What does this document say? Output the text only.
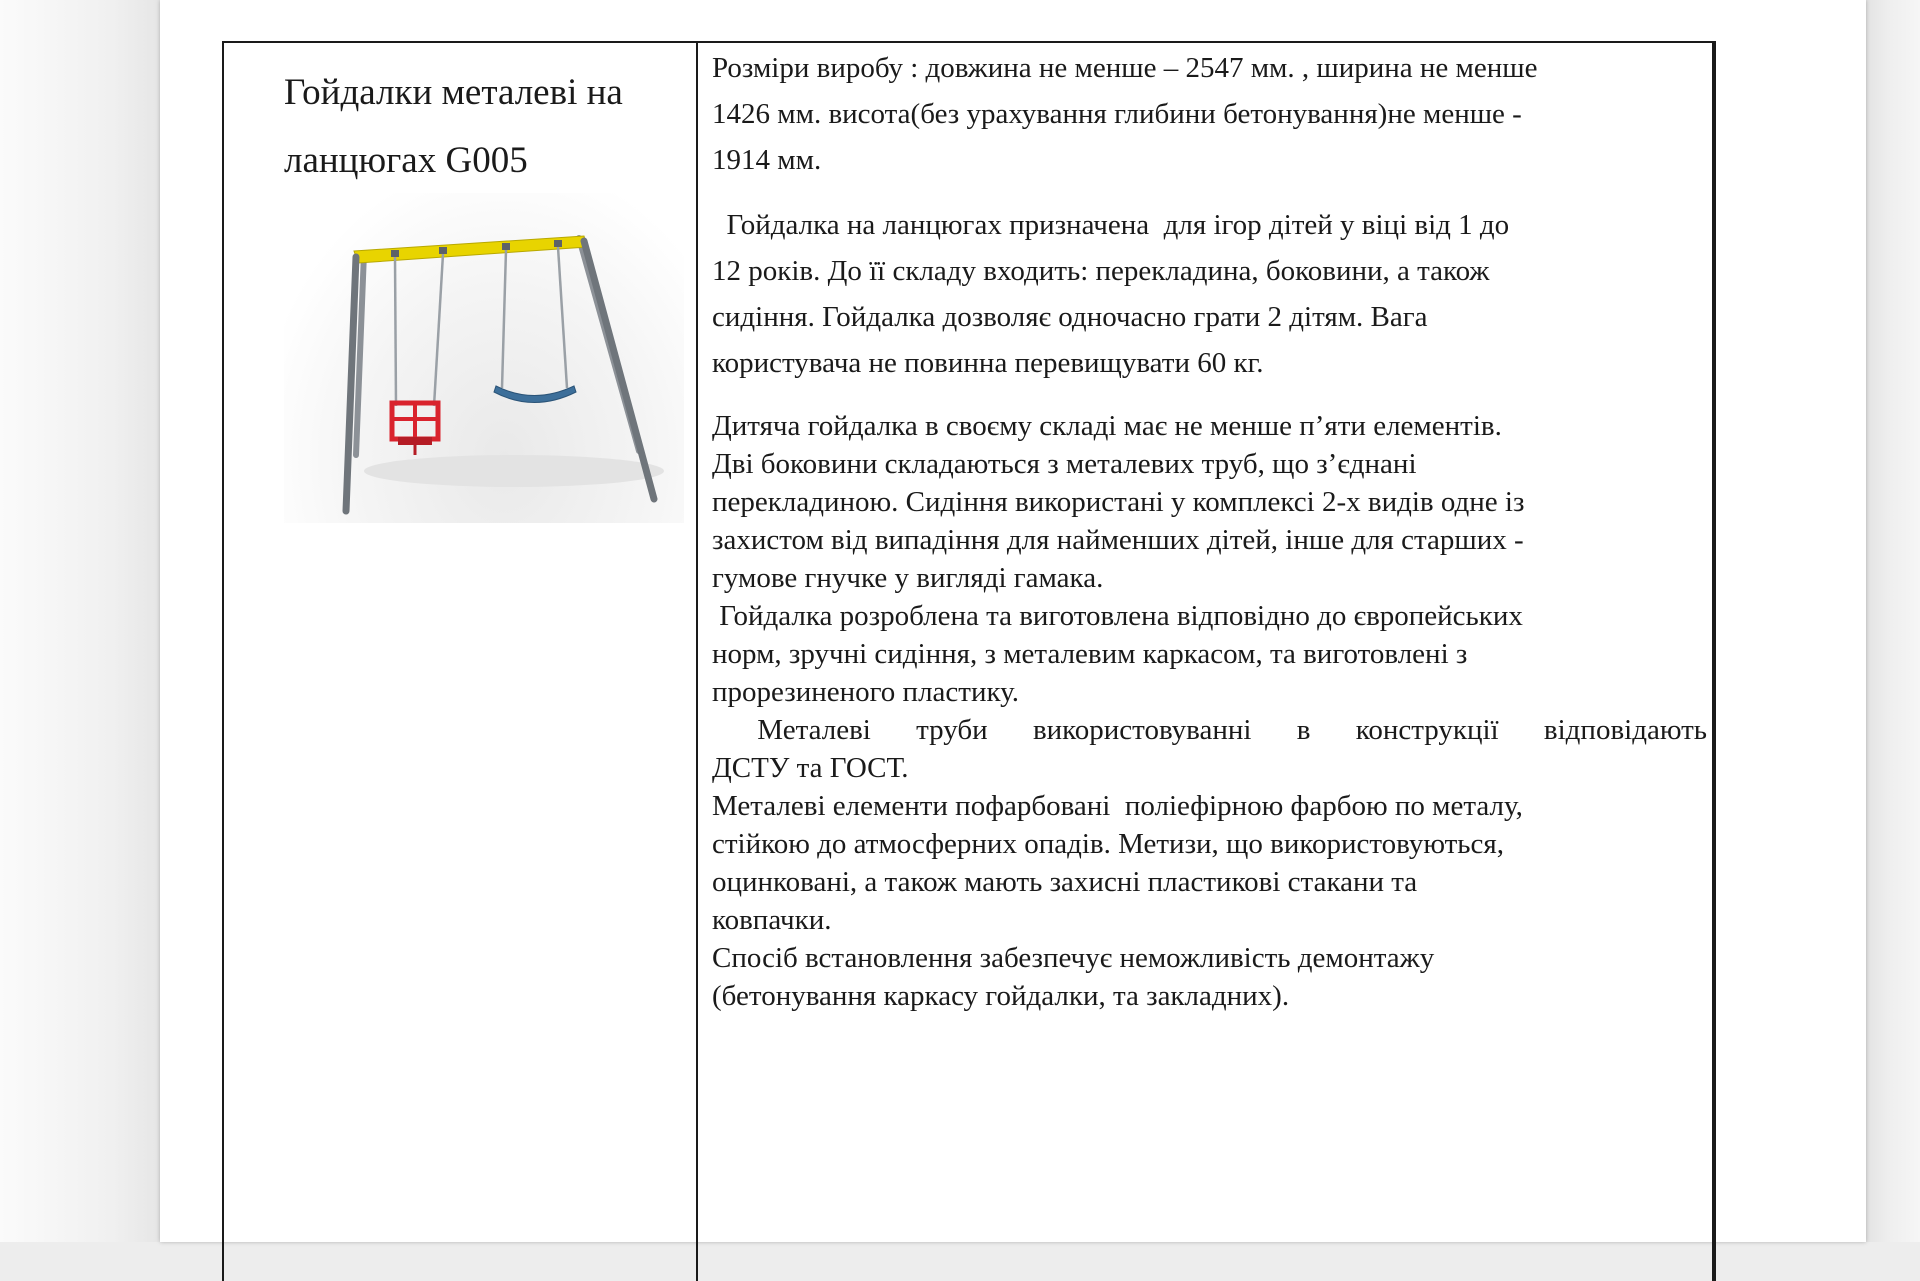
Гойдалки металеві на
ланцюгах G005

Розміри виробу : довжина не менше – 2547 мм. , ширина не менше
1426 мм. висота(без урахування глибини бетонування)не менше -
1914 мм.

Гойдалка на ланцюгах призначена  для ігор дітей у віці від 1 до
12 років. До її складу входить: перекладина, боковини, а також
сидіння. Гойдалка дозволяє одночасно грати 2 дітям. Вага
користувача не повинна перевищувати 60 кг.

Дитяча гойдалка в своєму складі має не менше п’яти елементів.
Дві боковини складаються з металевих труб, що з’єднані
перекладиною. Сидіння використані у комплексі 2-х видів одне із
захистом від випадіння для найменших дітей, інше для старших -
гумове гнучке у вигляді гамака.
Гойдалка розроблена та виготовлена відповідно до європейських
норм, зручні сидіння, з металевим каркасом, та виготовлені з
прорезиненого пластику.
Металеві труби використовуванні в конструкції відповідають
ДСТУ та ГОСТ.
Металеві елементи пофарбовані  поліефірною фарбою по металу,
стійкою до атмосферних опадів. Метизи, що використовуються,
оцинковані, а також мають захисні пластикові стакани та
ковпачки.
Спосіб встановлення забезпечує неможливість демонтажу
(бетонування каркасу гойдалки, та закладних).
